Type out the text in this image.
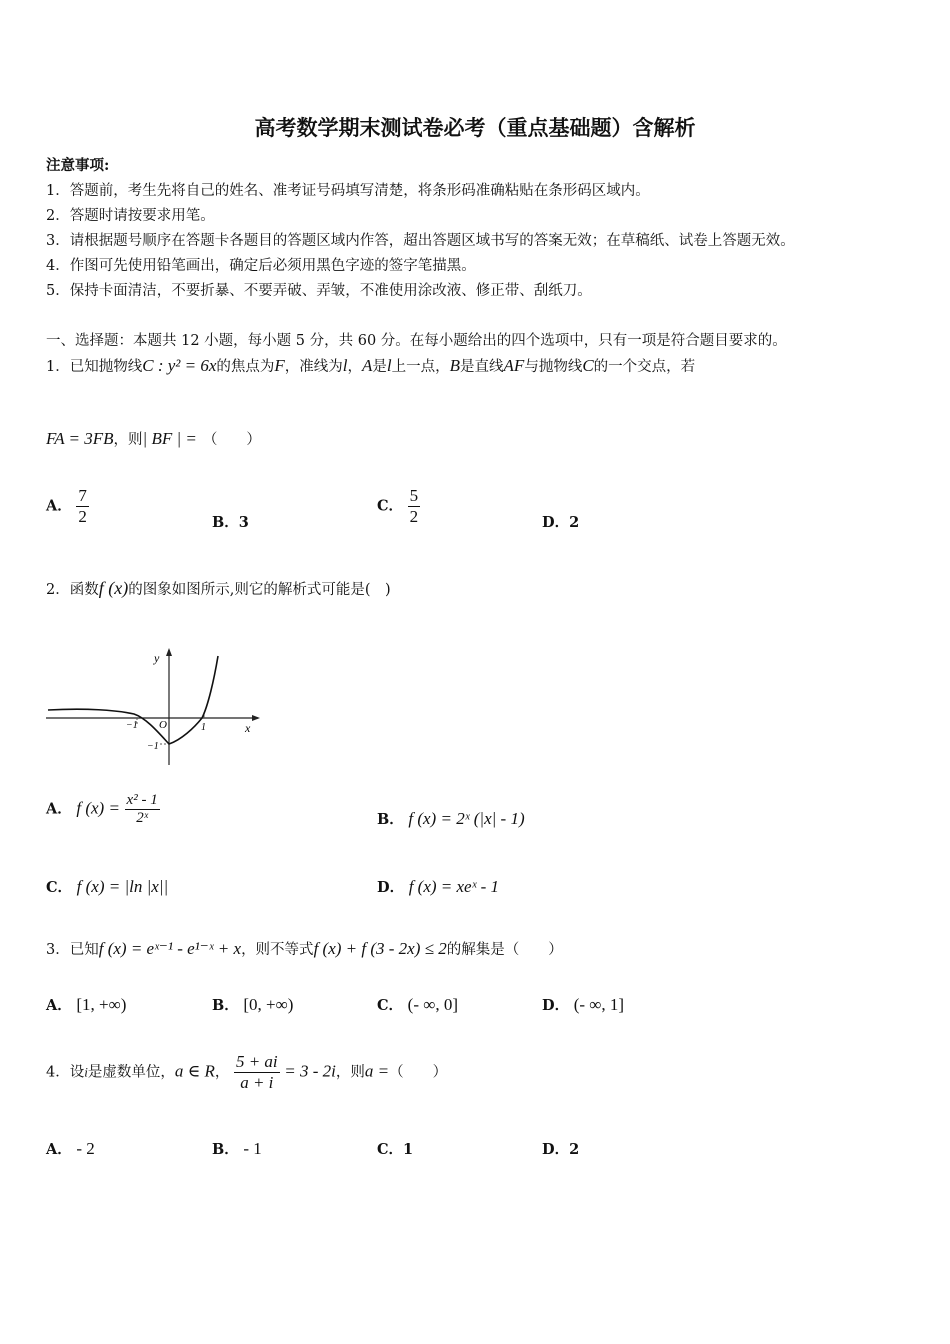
高考数学期末测试卷必考（重点基础题）含解析
注意事项:
1．答题前，考生先将自己的姓名、准考证号码填写清楚，将条形码准确粘贴在条形码区域内。
2．答题时请按要求用笔。
3．请根据题号顺序在答题卡各题目的答题区域内作答，超出答题区域书写的答案无效；在草稿纸、试卷上答题无效。
4．作图可先使用铅笔画出，确定后必须用黑色字迹的签字笔描黑。
5．保持卡面清洁，不要折暴、不要弄破、弄皱，不准使用涂改液、修正带、刮纸刀。
一、选择题：本题共 12 小题，每小题 5 分，共 60 分。在每小题给出的四个选项中，只有一项是符合题目要求的。
1．已知抛物线C : y² = 6x的焦点为F，准线为l，A是l上一点，B是直线AF与抛物线C的一个交点，若
FA = 3FB，则| BF | = （　　）
A． $\frac{7}{2}$	B．3
C． $\frac{5}{2}$	D．2
2．函数f (x)的图象如图所示,则它的解析式可能是(　)
y
x
O
−1	1
−1
A． f $(x) = \frac{\text{x² - 1}}{\text{2ˣ}}$	B． f (x) = 2ˣ (|x| - 1)
C． f (x) = |ln |x||	D． f (x) = xeˣ - 1
3．已知f (x) = eˣ⁻¹ - e¹⁻ˣ + x，则不等式f (x) + f (3 - 2x) ≤ 2的解集是（　　）
A． [1, +∞)	B． [0, +∞)	C． (- ∞, 0]	D． (- ∞, 1]
4．设i是虚数单位，a ∈ R， $\frac{5 + ai}{a + i} = 3 - 2i$，则a =（　　）
A． - 2	B． - 1	C．1	D．2
